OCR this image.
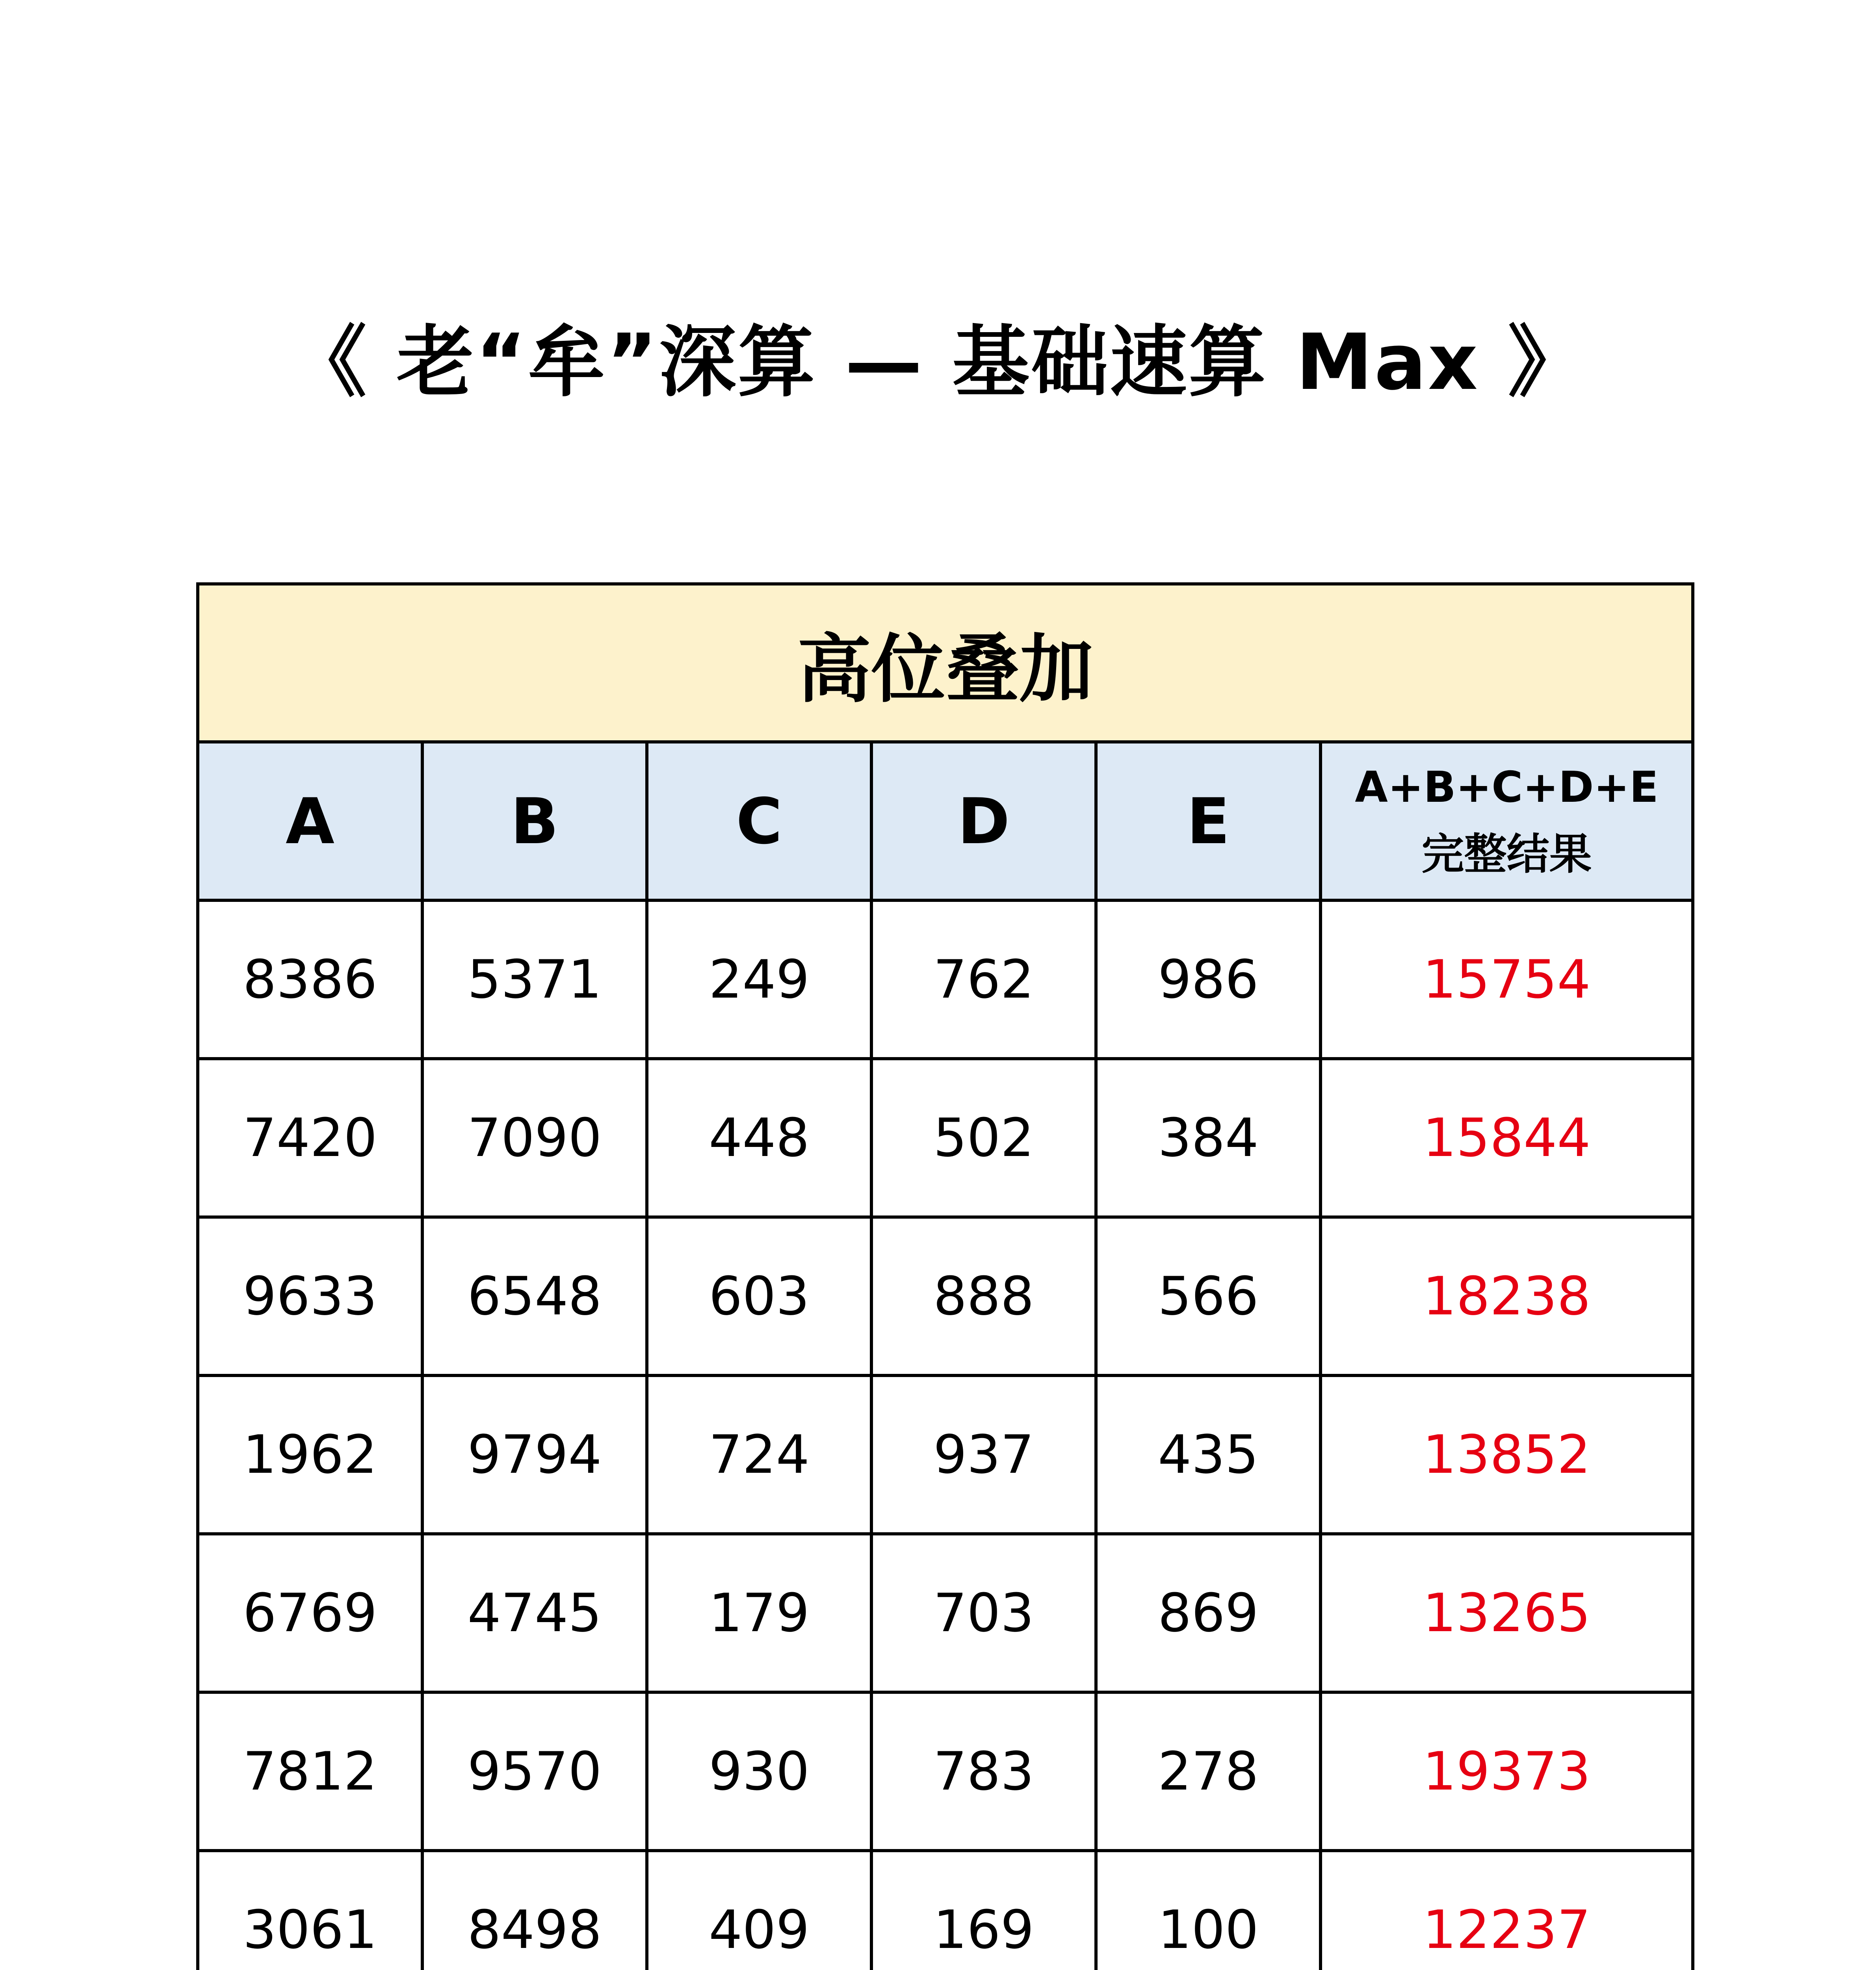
《 老“牟”深算 — 基础速算 Max 》
高位叠加					
A	B	C	D	E	A+B+C+D+E
完整结果

8386	5371	249	762	986	15754
7420	7090	448	502	384	15844
9633	6548	603	888	566	18238
1962	9794	724	937	435	13852
6769	4745	179	703	869	13265
7812	9570	930	783	278	19373
3061	8498	409	169	100	12237
